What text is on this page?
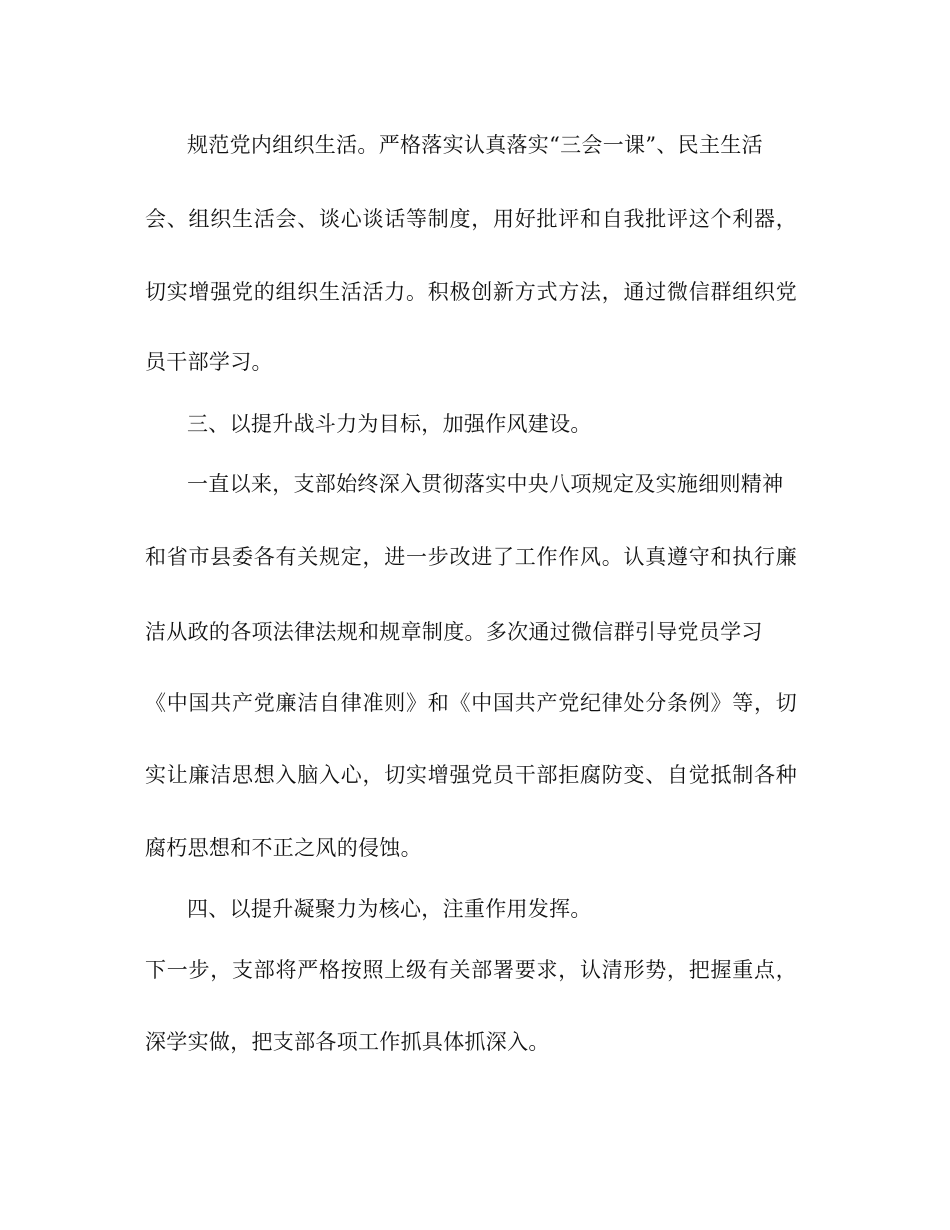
规范党内组织生活。严格落实认真落实“三会一课”、民主生活
会、组织生活会、谈心谈话等制度，用好批评和自我批评这个利器，
切实增强党的组织生活活力。积极创新方式方法，通过微信群组织党
员干部学习。
三、以提升战斗力为目标，加强作风建设。
一直以来，支部始终深入贯彻落实中央八项规定及实施细则精神
和省市县委各有关规定，进一步改进了工作作风。认真遵守和执行廉
洁从政的各项法律法规和规章制度。多次通过微信群引导党员学习
《中国共产党廉洁自律准则》和《中国共产党纪律处分条例》等，切
实让廉洁思想入脑入心，切实增强党员干部拒腐防变、自觉抵制各种
腐朽思想和不正之风的侵蚀。
四、以提升凝聚力为核心，注重作用发挥。
下一步，支部将严格按照上级有关部署要求，认清形势，把握重点，
深学实做，把支部各项工作抓具体抓深入。
